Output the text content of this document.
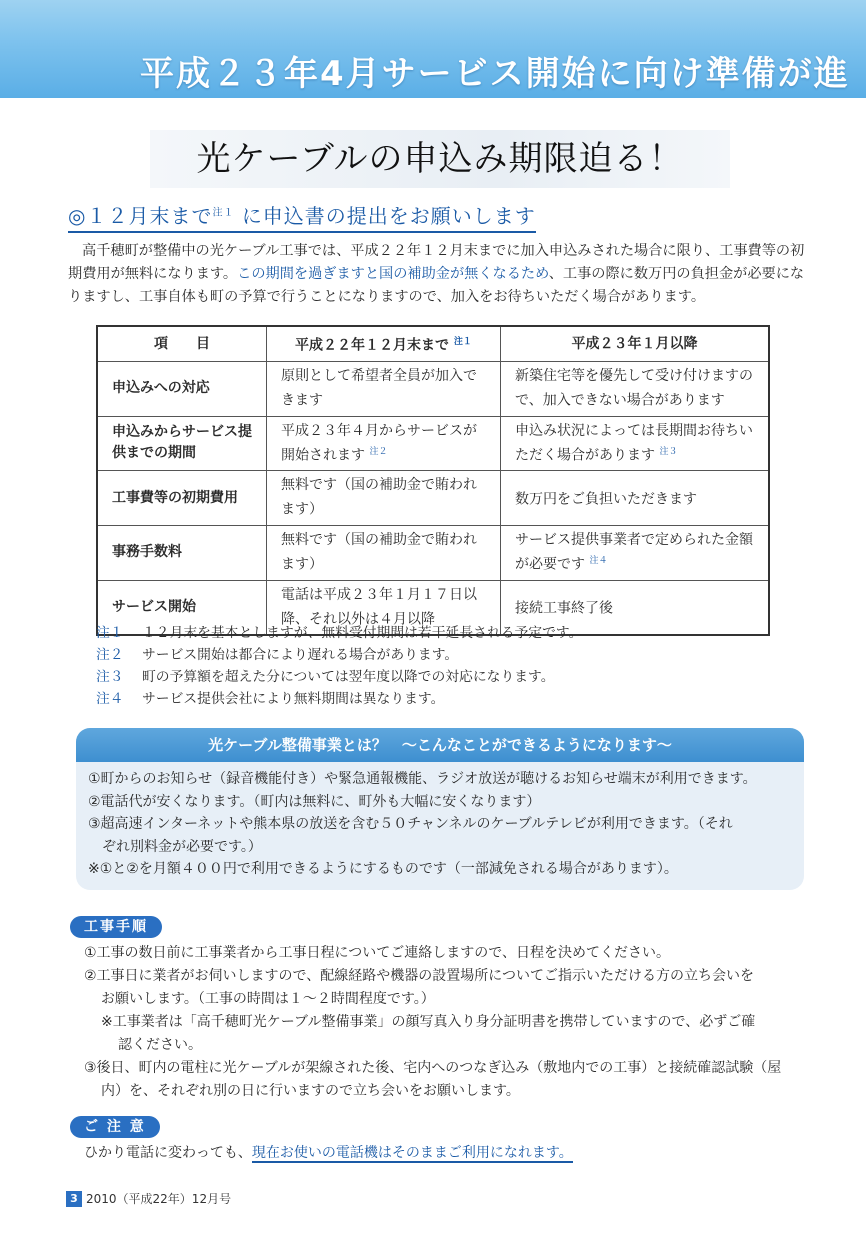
平成２３年4月サービス開始に向け準備が進
光ケーブルの申込み期限迫る！
◎１２月末まで$^{注1}$ に申込書の提出をお願いします
高千穂町が整備中の光ケーブル工事では、平成２２年１２月末までに加入申込みされた場合に限り、工事費等の初期費用が無料になります。この期間を過ぎますと国の補助金が無くなるため、工事の際に数万円の負担金が必要になりますし、工事自体も町の予算で行うことになりますので、加入をお待ちいただく場合があります。
項　　目	平成２２年１２月末まで $^{注1}$	平成２３年１月以降
申込みへの対応	原則として希望者全員が加入できます	新築住宅等を優先して受け付けますので、加入できない場合があります
申込みからサービス提供までの期間	平成２３年４月からサービスが開始されます $^{注2}$	申込み状況によっては長期間お待ちいただく場合があります $^{注3}$
工事費等の初期費用	無料です（国の補助金で賄われます）	数万円をご負担いただきます
事務手数料	無料です（国の補助金で賄われます）	サービス提供事業者で定められた金額が必要です $^{注4}$
サービス開始	電話は平成２３年１月１７日以降、それ以外は４月以降	接続工事終了後
注１	１２月末を基本としますが、無料受付期間は若干延長される予定です。
注２	サービス開始は都合により遅れる場合があります。
注３	町の予算額を超えた分については翌年度以降での対応になります。
注４	サービス提供会社により無料期間は異なります。
光ケーブル整備事業とは？　～こんなことができるようになります～
①町からのお知らせ（録音機能付き）や緊急通報機能、ラジオ放送が聴けるお知らせ端末が利用できます。
②電話代が安くなります。（町内は無料に、町外も大幅に安くなります）
③超高速インターネットや熊本県の放送を含む５０チャンネルのケーブルテレビが利用できます。（それ
　ぞれ別料金が必要です。）
※①と②を月額４００円で利用できるようにするものです（一部減免される場合があります）。
工事手順
①工事の数日前に工事業者から工事日程についてご連絡しますので、日程を決めてください。
②工事日に業者がお伺いしますので、配線経路や機器の設置場所についてご指示いただける方の立ち会いを
お願いします。（工事の時間は１～２時間程度です。）
※工事業者は「高千穂町光ケーブル整備事業」の顔写真入り身分証明書を携帯していますので、必ずご確
認ください。
③後日、町内の電柱に光ケーブルが架線された後、宅内へのつなぎ込み（敷地内での工事）と接続確認試験（屋
内）を、それぞれ別の日に行いますので立ち会いをお願いします。
ご 注 意
ひかり電話に変わっても、現在お使いの電話機はそのままご利用になれます。
3 2010（平成22年）12月号
